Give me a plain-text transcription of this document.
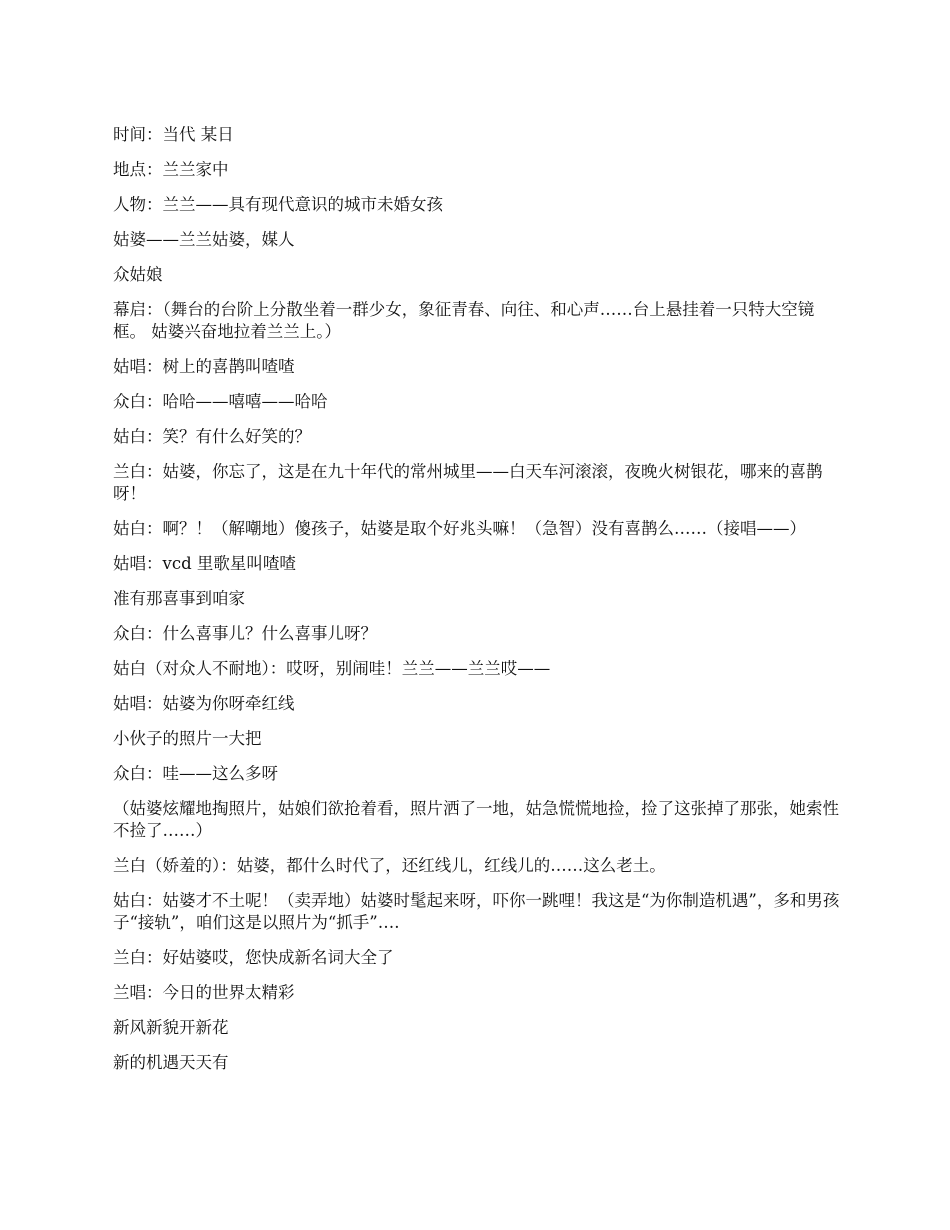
时间：当代 某日

地点：兰兰家中

人物：兰兰——具有现代意识的城市未婚女孩

姑婆——兰兰姑婆，媒人

众姑娘

幕启：（舞台的台阶上分散坐着一群少女，象征青春、向往、和心声……台上悬挂着一只特大空镜框。 姑婆兴奋地拉着兰兰上。）

姑唱：树上的喜鹊叫喳喳

众白：哈哈——嘻嘻——哈哈

姑白：笑？有什么好笑的？

兰白：姑婆，你忘了，这是在九十年代的常州城里——白天车河滚滚，夜晚火树银花，哪来的喜鹊呀！

姑白：啊？！（解嘲地）傻孩子，姑婆是取个好兆头嘛！（急智）没有喜鹊么……（接唱——）

姑唱：vcd 里歌星叫喳喳

准有那喜事到咱家

众白：什么喜事儿？什么喜事儿呀？

姑白（对众人不耐地）：哎呀，别闹哇！兰兰——兰兰哎——

姑唱：姑婆为你呀牵红线

小伙子的照片一大把

众白：哇——这么多呀

（姑婆炫耀地掏照片，姑娘们欲抢着看，照片洒了一地，姑急慌慌地捡，捡了这张掉了那张，她索性不捡了……）

兰白（娇羞的）：姑婆，都什么时代了，还红线儿，红线儿的……这么老土。

姑白：姑婆才不土呢！（卖弄地）姑婆时髦起来呀，吓你一跳哩！我这是“为你制造机遇”，多和男孩子“接轨”，咱们这是以照片为“抓手”….

兰白：好姑婆哎，您快成新名词大全了

兰唱：今日的世界太精彩

新风新貌开新花

新的机遇天天有
